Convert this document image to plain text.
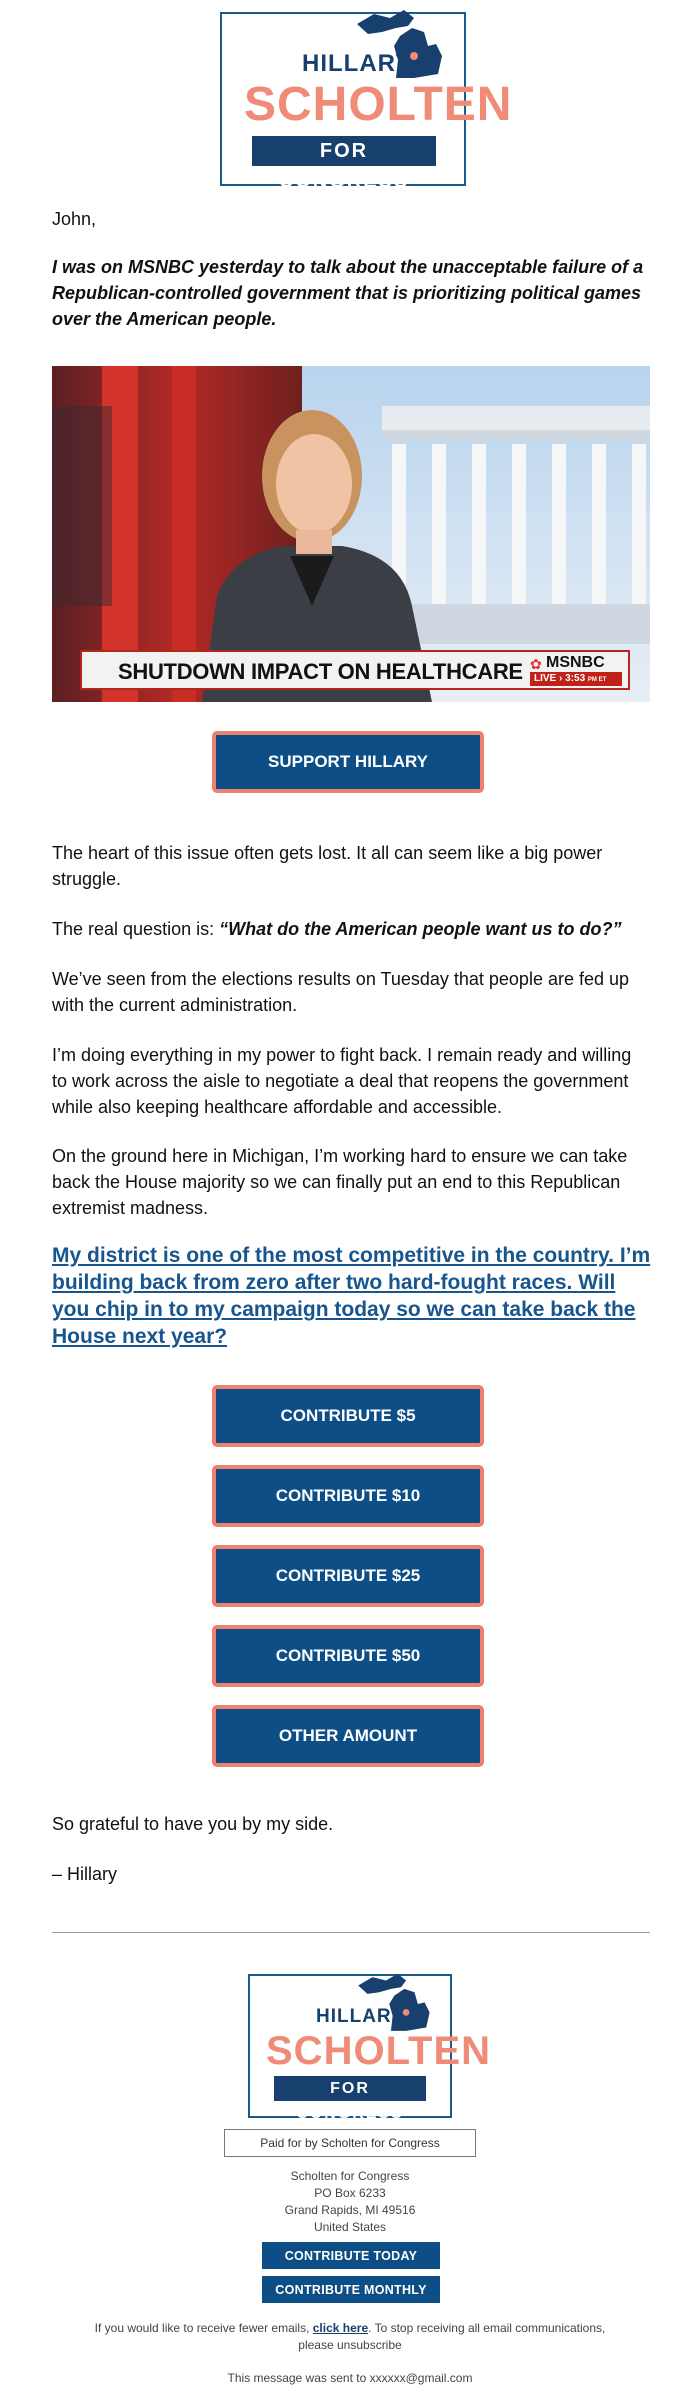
HILLARY
SCHOLTEN
FOR CONGRESS
John,
I was on MSNBC yesterday to talk about the unacceptable failure of a Republican-controlled government that is prioritizing political games over the American people.
SHUTDOWN IMPACT ON HEALTHCARE ✿ MSNBC
LIVE › 3:53 PM ET
SUPPORT HILLARY
The heart of this issue often gets lost. It all can seem like a big power struggle.
The real question is: “What do the American people want us to do?”
We’ve seen from the elections results on Tuesday that people are fed up with the current administration.
I’m doing everything in my power to fight back. I remain ready and willing to work across the aisle to negotiate a deal that reopens the government while also keeping healthcare affordable and accessible.
On the ground here in Michigan, I’m working hard to ensure we can take back the House majority so we can finally put an end to this Republican extremist madness.
My district is one of the most competitive in the country. I’m building back from zero after two hard-fought races. Will you chip in to my campaign today so we can take back the House next year?
CONTRIBUTE $5
CONTRIBUTE $10
CONTRIBUTE $25
CONTRIBUTE $50
OTHER AMOUNT
So grateful to have you by my side.
– Hillary
HILLARY
SCHOLTEN
FOR CONGRESS
Paid for by Scholten for Congress
Scholten for Congress
PO Box 6233
Grand Rapids, MI 49516
United States
CONTRIBUTE TODAY
CONTRIBUTE MONTHLY
If you would like to receive fewer emails, click here. To stop receiving all email communications, please unsubscribe
This message was sent to xxxxxx@gmail.com
